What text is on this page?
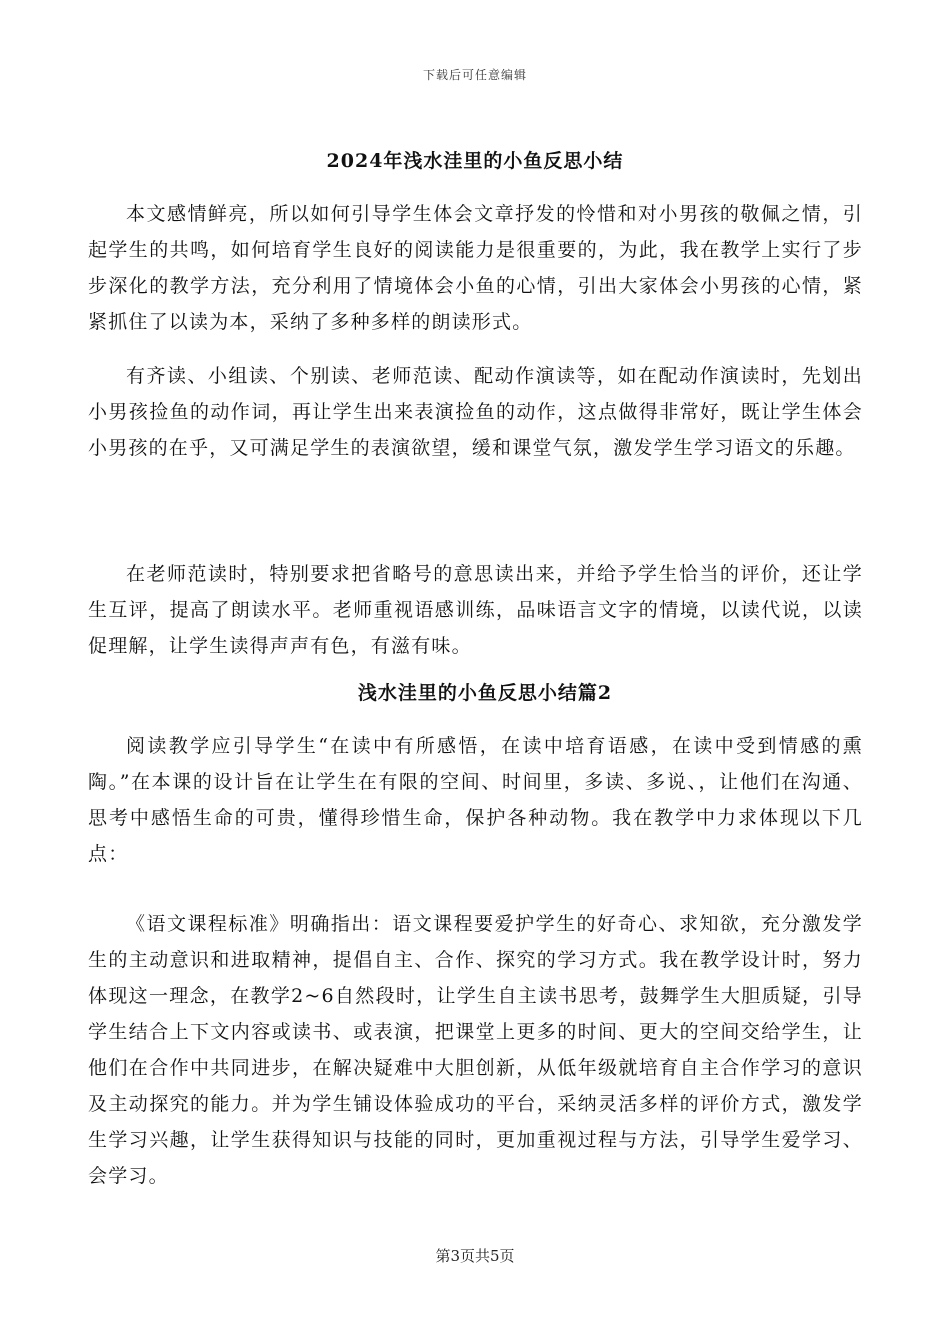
下载后可任意编辑
2024年浅水洼里的小鱼反思小结

本文感情鲜亮，所以如何引导学生体会文章抒发的怜惜和对小男孩的敬佩之情，引起学生的共鸣，如何培育学生良好的阅读能力是很重要的，为此，我在教学上实行了步步深化的教学方法，充分利用了情境体会小鱼的心情，引出大家体会小男孩的心情，紧紧抓住了以读为本，采纳了多种多样的朗读形式。

有齐读、小组读、个别读、老师范读、配动作演读等，如在配动作演读时，先划出小男孩捡鱼的动作词，再让学生出来表演捡鱼的动作，这点做得非常好，既让学生体会小男孩的在乎，又可满足学生的表演欲望，缓和课堂气氛，激发学生学习语文的乐趣。

在老师范读时，特别要求把省略号的意思读出来，并给予学生恰当的评价，还让学生互评，提高了朗读水平。老师重视语感训练，品味语言文字的情境，以读代说，以读促理解，让学生读得声声有色，有滋有味。

浅水洼里的小鱼反思小结篇2

阅读教学应引导学生“在读中有所感悟，在读中培育语感，在读中受到情感的熏陶。”在本课的设计旨在让学生在有限的空间、时间里，多读、多说、，让他们在沟通、思考中感悟生命的可贵，懂得珍惜生命，保护各种动物。我在教学中力求体现以下几点：

《语文课程标准》明确指出：语文课程要爱护学生的好奇心、求知欲，充分激发学生的主动意识和进取精神，提倡自主、合作、探究的学习方式。我在教学设计时，努力体现这一理念，在教学2~6自然段时，让学生自主读书思考，鼓舞学生大胆质疑，引导学生结合上下文内容或读书、或表演，把课堂上更多的时间、更大的空间交给学生，让他们在合作中共同进步，在解决疑难中大胆创新，从低年级就培育自主合作学习的意识及主动探究的能力。并为学生铺设体验成功的平台，采纳灵活多样的评价方式，激发学生学习兴趣，让学生获得知识与技能的同时，更加重视过程与方法，引导学生爱学习、会学习。

第3页共5页
